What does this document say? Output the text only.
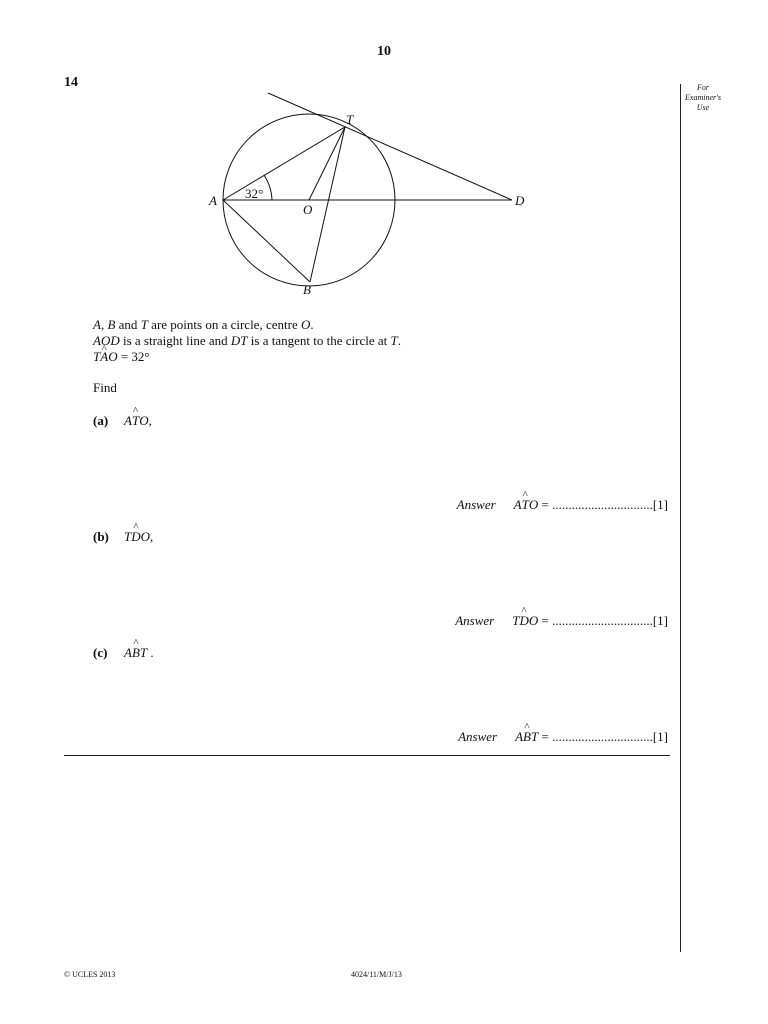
10
14	For
Examiner's
Use
A
T
O
D
B
32°
A, B and T are points on a circle, centre O.
AOD is a straight line and DT is a tangent to the circle at T.
TA ^O = 32°
Find
(a) AT ^O,
Answer AT ^O = ...............................[1]
(b) TD ^O,
Answer TD ^O = ...............................[1]
(c) AB ^T .
Answer AB ^T = ...............................[1]
© UCLES 2013	4024/11/M/J/13
